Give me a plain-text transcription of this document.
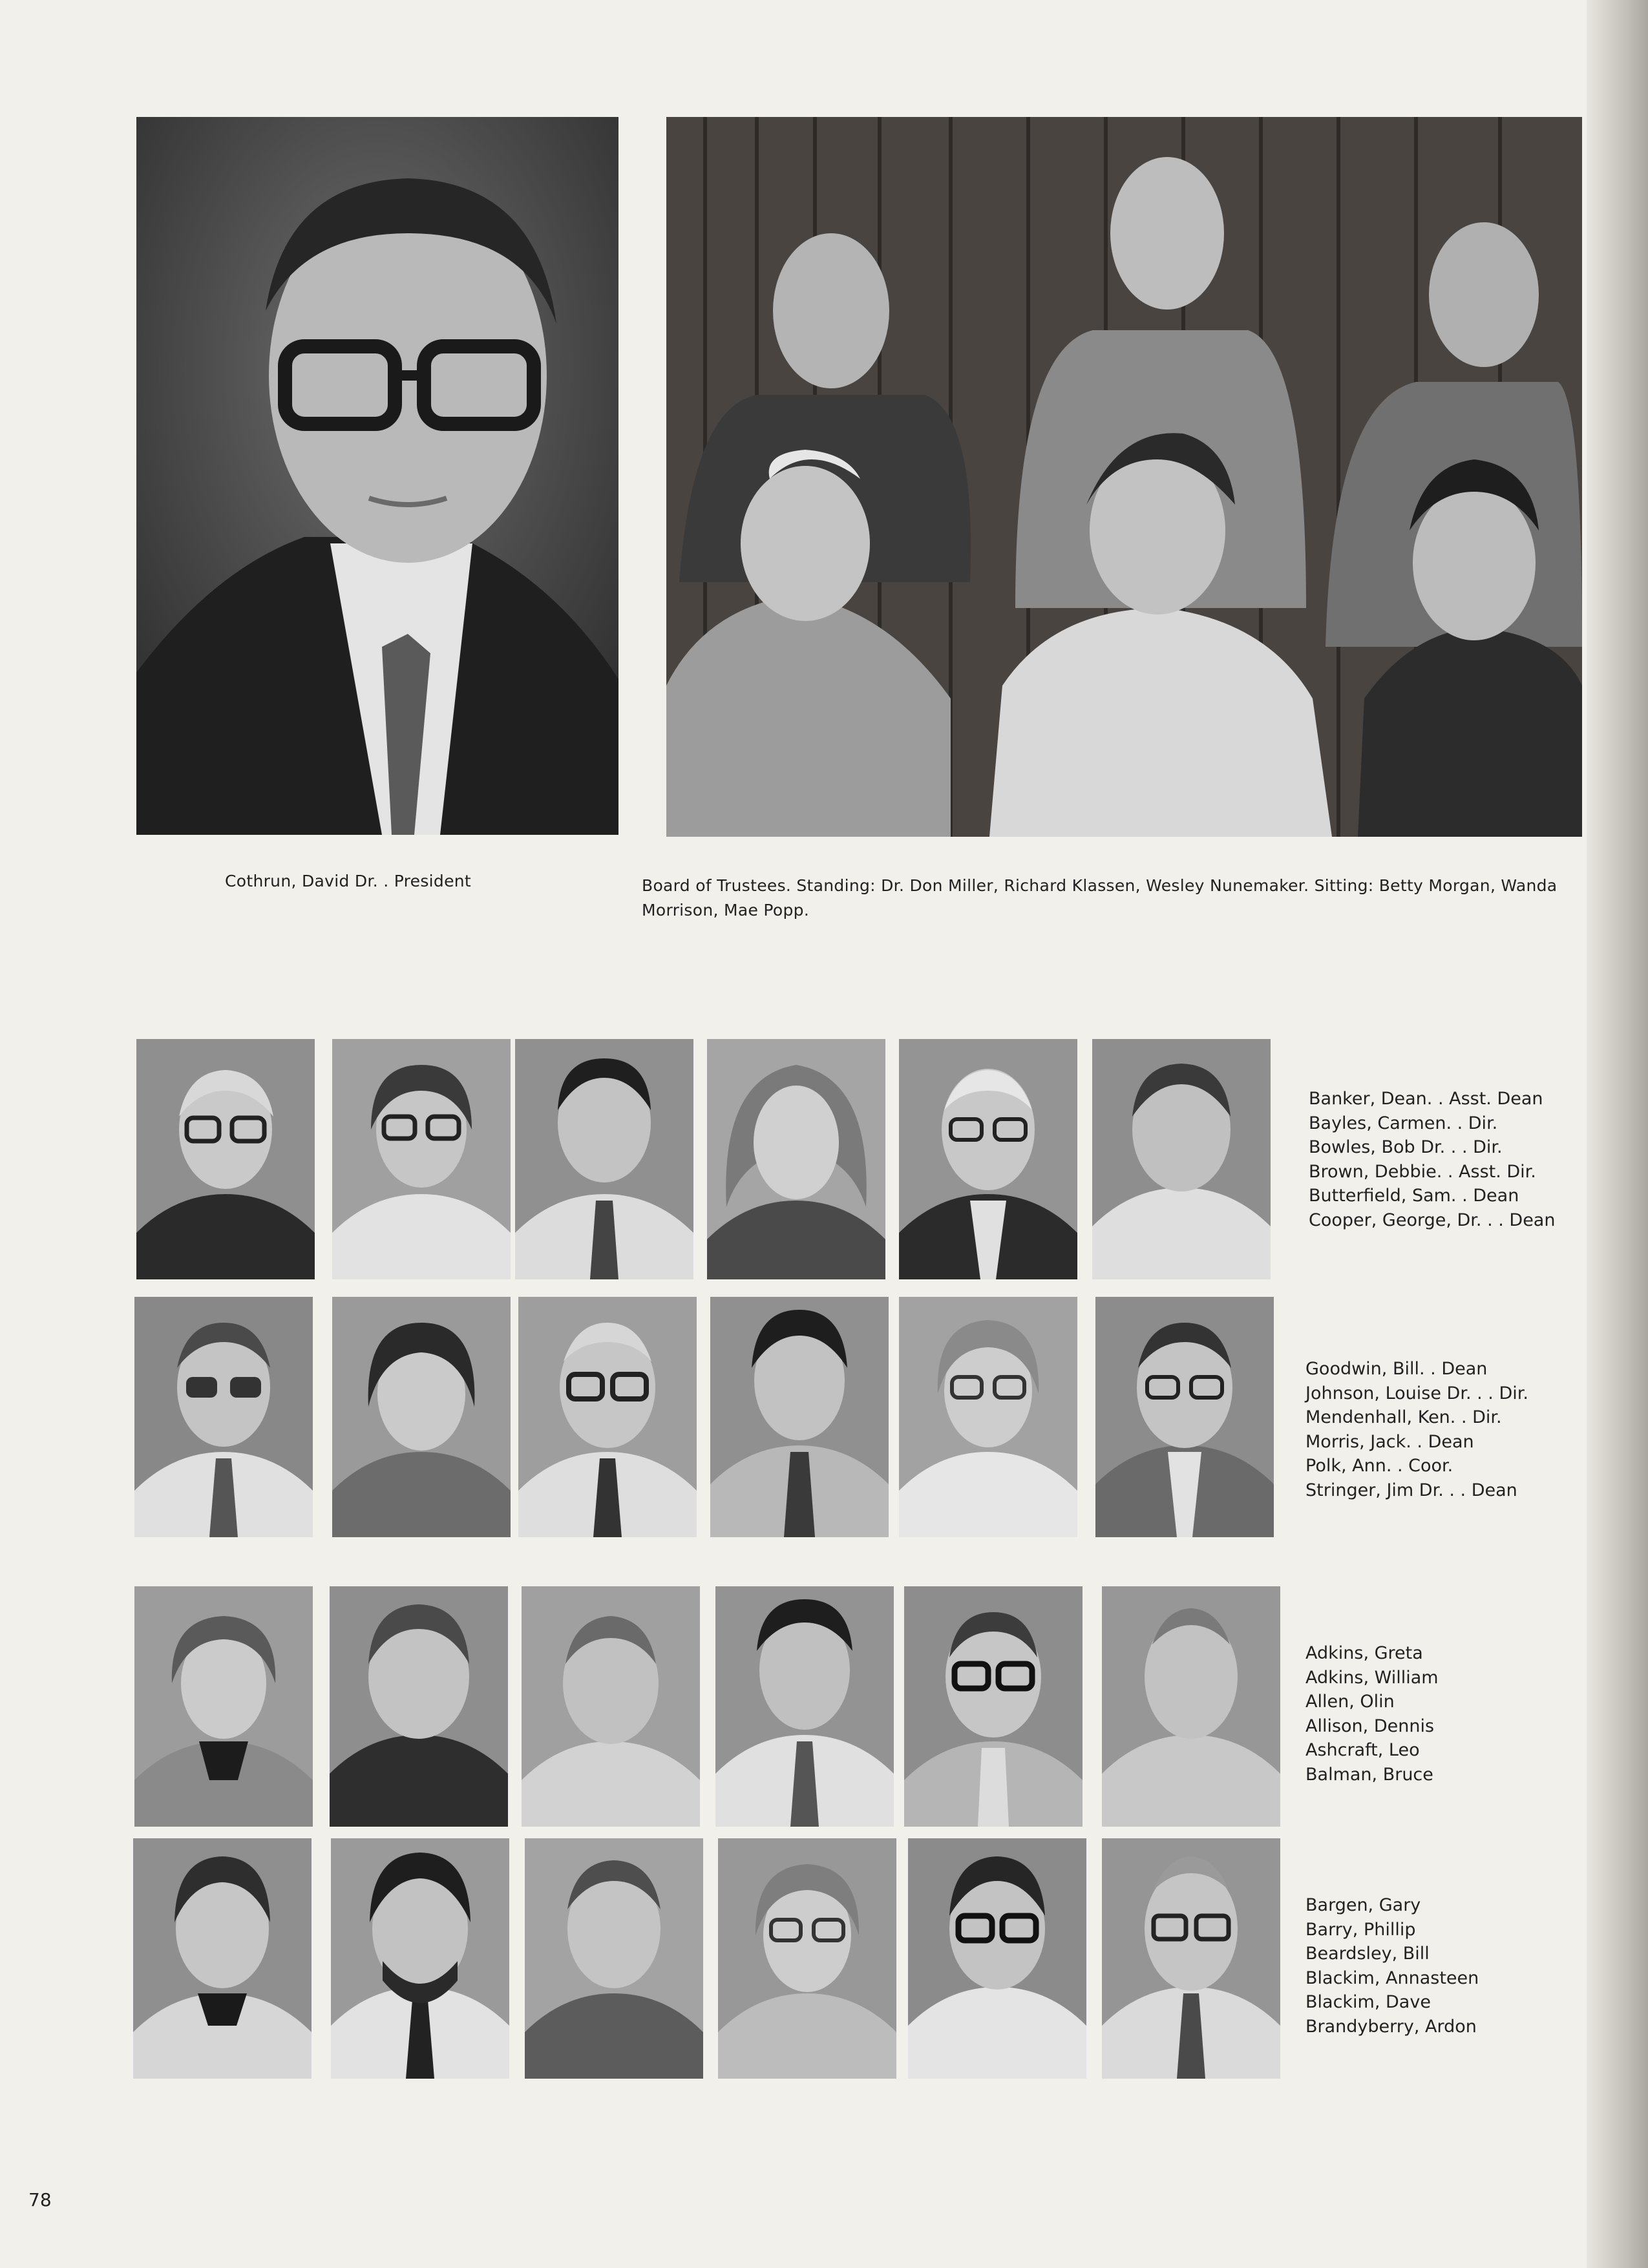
Cothrun, David Dr. . President	Board of Trustees. Standing: Dr. Don Miller, Richard Klassen, Wesley Nunemaker. Sitting: Betty Morgan, Wanda Morrison, Mae Popp.
Banker, Dean. . Asst. Dean
Bayles, Carmen. . Dir.
Bowles, Bob Dr. . . Dir.
Brown, Debbie. . Asst. Dir.
Butterfield, Sam. . Dean
Cooper, George, Dr. . . Dean
Goodwin, Bill. . Dean
Johnson, Louise Dr. . . Dir.
Mendenhall, Ken. . Dir.
Morris, Jack. . Dean
Polk, Ann. . Coor.
Stringer, Jim Dr. . . Dean
Adkins, Greta
Adkins, William
Allen, Olin
Allison, Dennis
Ashcraft, Leo
Balman, Bruce
Bargen, Gary
Barry, Phillip
Beardsley, Bill
Blackim, Annasteen
Blackim, Dave
Brandyberry, Ardon
78
